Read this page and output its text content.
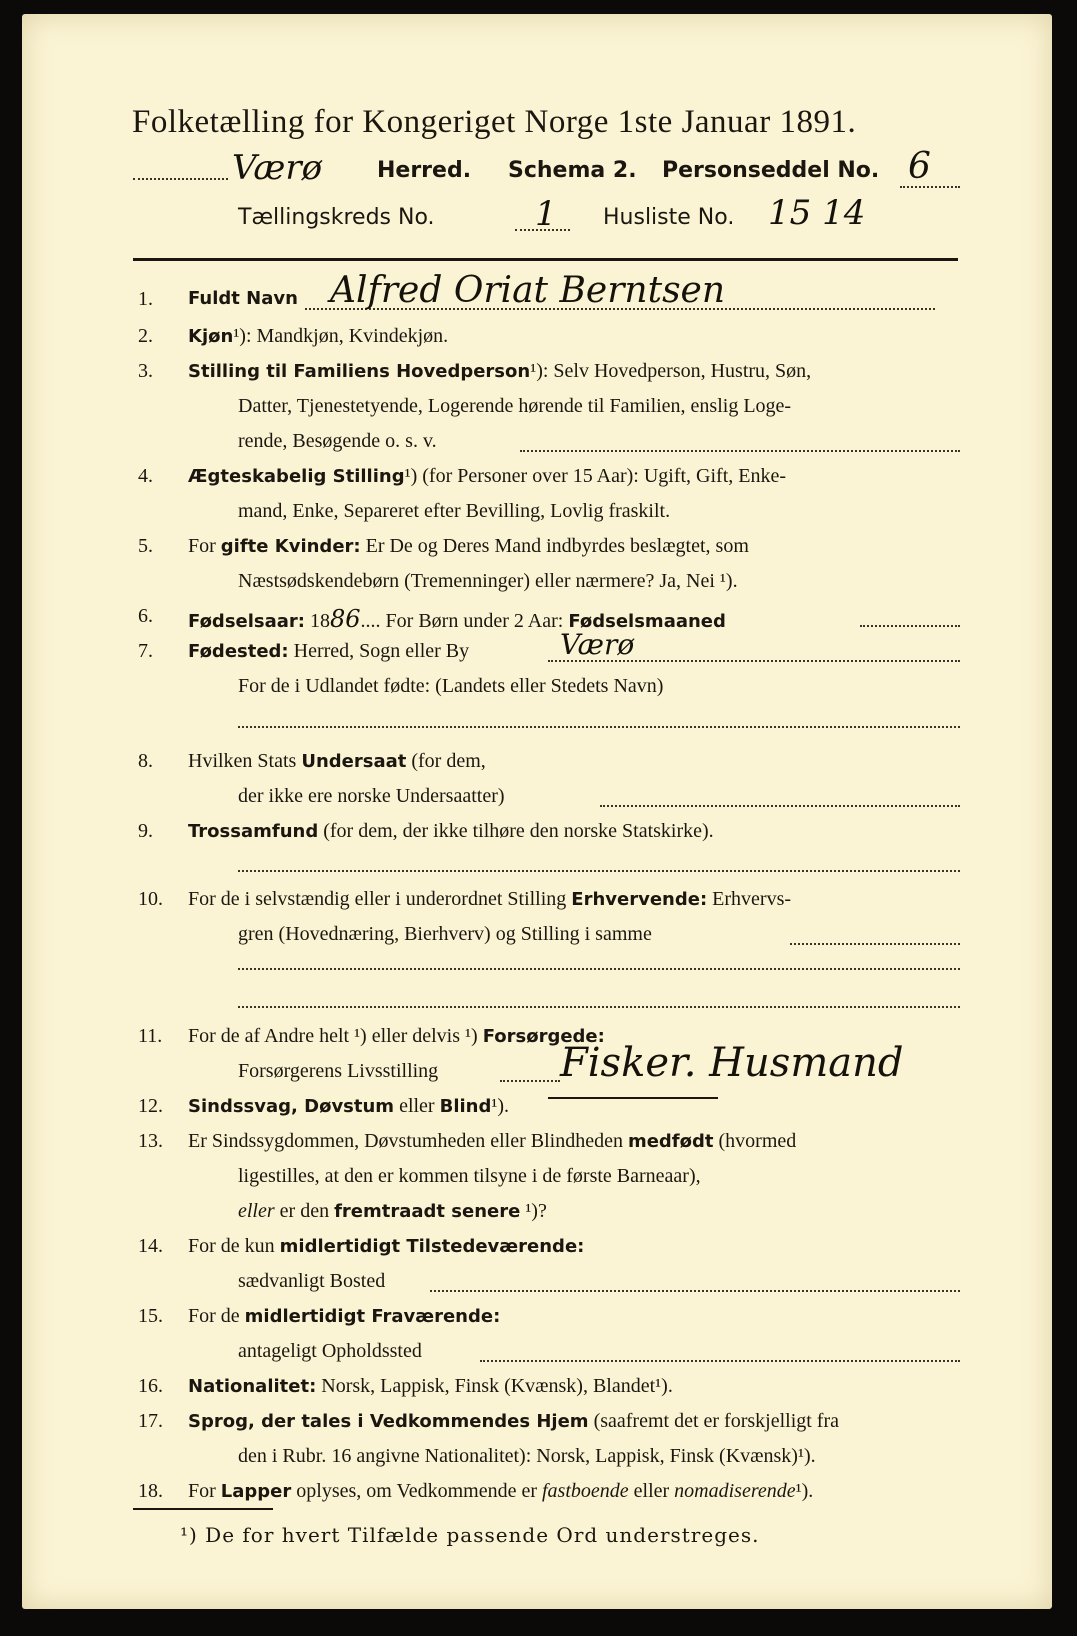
Folketælling for Kongeriget Norge 1ste Januar 1891.
Værø Herred. Schema 2. Personseddel No. 6
Tællingskreds No.	1 Husliste No. 15 14
1.	Fuldt Navn Alfred Oriat Berntsen
2.	Kjøn¹): Mandkjøn, Kvindekjøn.
3.	Stilling til Familiens Hovedperson¹): Selv Hovedperson, Hustru, Søn,
Datter, Tjenestetyende, Logerende hørende til Familien, enslig Loge-
rende, Besøgende o. s. v.
4.	Ægteskabelig Stilling¹) (for Personer over 15 Aar): Ugift, Gift, Enke-
mand, Enke, Separeret efter Bevilling, Lovlig fraskilt.
5.	For gifte Kvinder: Er De og Deres Mand indbyrdes beslægtet, som
Næstsødskendebørn (Tremenninger) eller nærmere? Ja, Nei ¹).
6.	Fødselsaar: 1886.... For Børn under 2 Aar: Fødselsmaaned
7.	Fødested: Herred, Sogn eller By	Værø
For de i Udlandet fødte: (Landets eller Stedets Navn)
8.	Hvilken Stats Undersaat (for dem,
der ikke ere norske Undersaatter)
9.	Trossamfund (for dem, der ikke tilhøre den norske Statskirke).
10.	For de i selvstændig eller i underordnet Stilling Erhvervende: Erhvervs-
gren (Hovednæring, Bierhverv) og Stilling i samme
11.	For de af Andre helt ¹) eller delvis ¹) Forsørgede:
Forsørgerens Livsstilling	Fisker. Husmand
12.	Sindssvag, Døvstum eller Blind¹).
13.	Er Sindssygdommen, Døvstumheden eller Blindheden medfødt (hvormed
ligestilles, at den er kommen tilsyne i de første Barneaar),
eller er den fremtraadt senere ¹)?
14.	For de kun midlertidigt Tilstedeværende:
sædvanligt Bosted
15.	For de midlertidigt Fraværende:
antageligt Opholdssted
16.	Nationalitet: Norsk, Lappisk, Finsk (Kvænsk), Blandet¹).
17.	Sprog, der tales i Vedkommendes Hjem (saafremt det er forskjelligt fra
den i Rubr. 16 angivne Nationalitet): Norsk, Lappisk, Finsk (Kvænsk)¹).
18.	For Lapper oplyses, om Vedkommende er fastboende eller nomadiserende¹).
¹) De for hvert Tilfælde passende Ord understreges.
